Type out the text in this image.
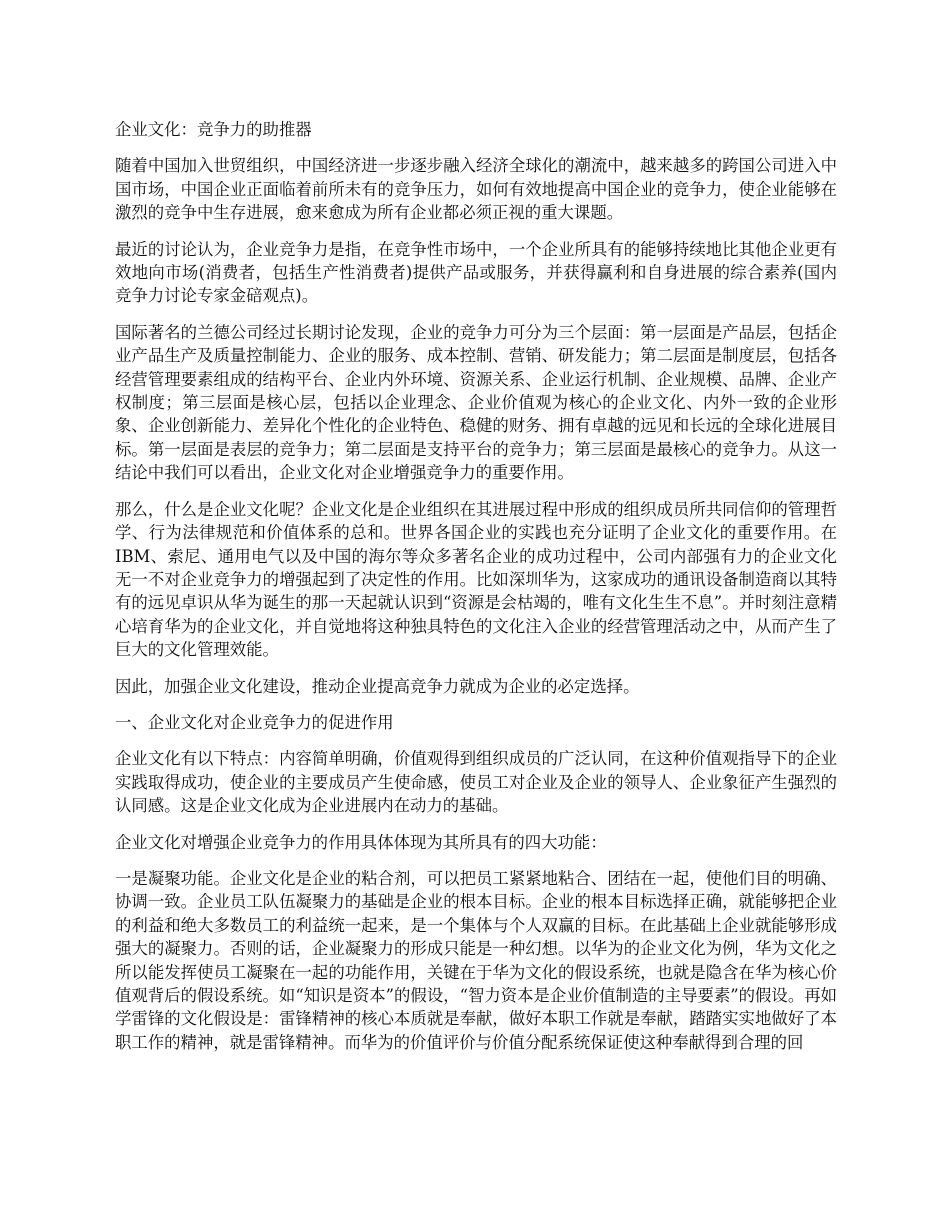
企业文化：竞争力的助推器

随着中国加入世贸组织，中国经济进一步逐步融入经济全球化的潮流中，越来越多的跨国公司进入中国市场，中国企业正面临着前所未有的竞争压力，如何有效地提高中国企业的竞争力，使企业能够在激烈的竞争中生存进展，愈来愈成为所有企业都必须正视的重大课题。

最近的讨论认为，企业竞争力是指，在竞争性市场中，一个企业所具有的能够持续地比其他企业更有效地向市场(消费者，包括生产性消费者)提供产品或服务，并获得赢利和自身进展的综合素养(国内竞争力讨论专家金碚观点)。

国际著名的兰德公司经过长期讨论发现，企业的竞争力可分为三个层面：第一层面是产品层，包括企业产品生产及质量控制能力、企业的服务、成本控制、营销、研发能力；第二层面是制度层，包括各经营管理要素组成的结构平台、企业内外环境、资源关系、企业运行机制、企业规模、品牌、企业产权制度；第三层面是核心层，包括以企业理念、企业价值观为核心的企业文化、内外一致的企业形象、企业创新能力、差异化个性化的企业特色、稳健的财务、拥有卓越的远见和长远的全球化进展目标。第一层面是表层的竞争力；第二层面是支持平台的竞争力；第三层面是最核心的竞争力。从这一结论中我们可以看出，企业文化对企业增强竞争力的重要作用。

那么，什么是企业文化呢？企业文化是企业组织在其进展过程中形成的组织成员所共同信仰的管理哲学、行为法律规范和价值体系的总和。世界各国企业的实践也充分证明了企业文化的重要作用。在IBM、索尼、通用电气以及中国的海尔等众多著名企业的成功过程中，公司内部强有力的企业文化无一不对企业竞争力的增强起到了决定性的作用。比如深圳华为，这家成功的通讯设备制造商以其特有的远见卓识从华为诞生的那一天起就认识到“资源是会枯竭的，唯有文化生生不息”。并时刻注意精心培育华为的企业文化，并自觉地将这种独具特色的文化注入企业的经营管理活动之中，从而产生了巨大的文化管理效能。

因此，加强企业文化建设，推动企业提高竞争力就成为企业的必定选择。

一、企业文化对企业竞争力的促进作用

企业文化有以下特点：内容简单明确，价值观得到组织成员的广泛认同，在这种价值观指导下的企业实践取得成功，使企业的主要成员产生使命感，使员工对企业及企业的领导人、企业象征产生强烈的认同感。这是企业文化成为企业进展内在动力的基础。

企业文化对增强企业竞争力的作用具体体现为其所具有的四大功能：

一是凝聚功能。企业文化是企业的粘合剂，可以把员工紧紧地粘合、团结在一起，使他们目的明确、协调一致。企业员工队伍凝聚力的基础是企业的根本目标。企业的根本目标选择正确，就能够把企业的利益和绝大多数员工的利益统一起来，是一个集体与个人双赢的目标。在此基础上企业就能够形成强大的凝聚力。否则的话，企业凝聚力的形成只能是一种幻想。以华为的企业文化为例，华为文化之所以能发挥使员工凝聚在一起的功能作用，关键在于华为文化的假设系统，也就是隐含在华为核心价值观背后的假设系统。如“知识是资本”的假设，“智力资本是企业价值制造的主导要素”的假设。再如学雷锋的文化假设是：雷锋精神的核心本质就是奉献，做好本职工作就是奉献，踏踏实实地做好了本职工作的精神，就是雷锋精神。而华为的价值评价与价值分配系统保证使这种奉献得到合理的回
